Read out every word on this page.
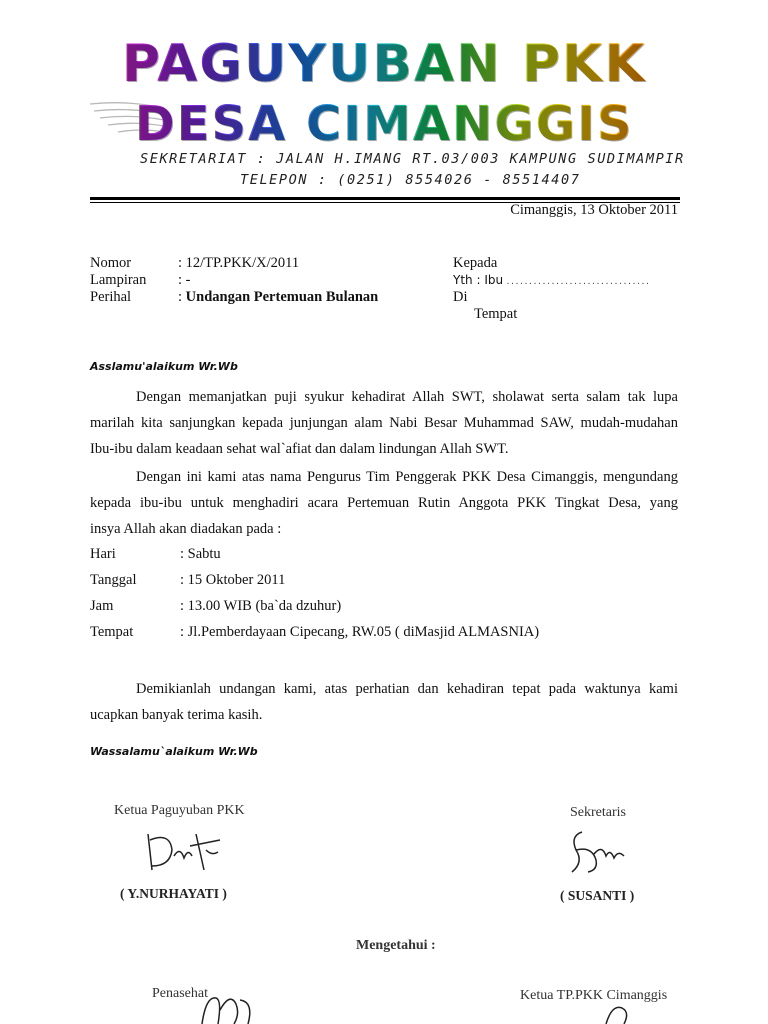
PAGUYUBAN PKK
DESA CIMANGGIS
SEKRETARIAT : JALAN H.IMANG RT.03/003 KAMPUNG SUDIMAMPIR
TELEPON : (0251) 8554026 - 85514407
Cimanggis, 13 Oktober 2011
Nomor	: 12/TP.PKK/X/2011
Lampiran : -
Perihal	: Undangan Pertemuan Bulanan
Kepada
Yth : Ibu ................................
Di
Tempat
Asslamu'alaikum Wr.Wb
Dengan memanjatkan puji syukur kehadirat Allah SWT, sholawat serta salam tak lupa
marilah kita sanjungkan kepada junjungan alam Nabi Besar Muhammad SAW, mudah-mudahan
Ibu-ibu dalam keadaan sehat wal`afiat dan dalam lindungan Allah SWT.
Dengan ini kami atas nama Pengurus Tim Penggerak PKK Desa Cimanggis, mengundang
kepada ibu-ibu untuk menghadiri acara Pertemuan Rutin Anggota PKK Tingkat Desa, yang
insya Allah akan diadakan pada :
Hari	: Sabtu
Tanggal	: 15 Oktober 2011
Jam	: 13.00 WIB (ba`da dzuhur)
Tempat	: Jl.Pemberdayaan Cipecang, RW.05 ( diMasjid ALMASNIA)
Demikianlah undangan kami, atas perhatian dan kehadiran tepat pada waktunya kami
ucapkan banyak terima kasih.
Wassalamu`alaikum Wr.Wb
Ketua Paguyuban PKK
( Y.NURHAYATI )
Sekretaris
( SUSANTI )
Mengetahui :
Penasehat	Ketua TP.PKK Cimanggis
